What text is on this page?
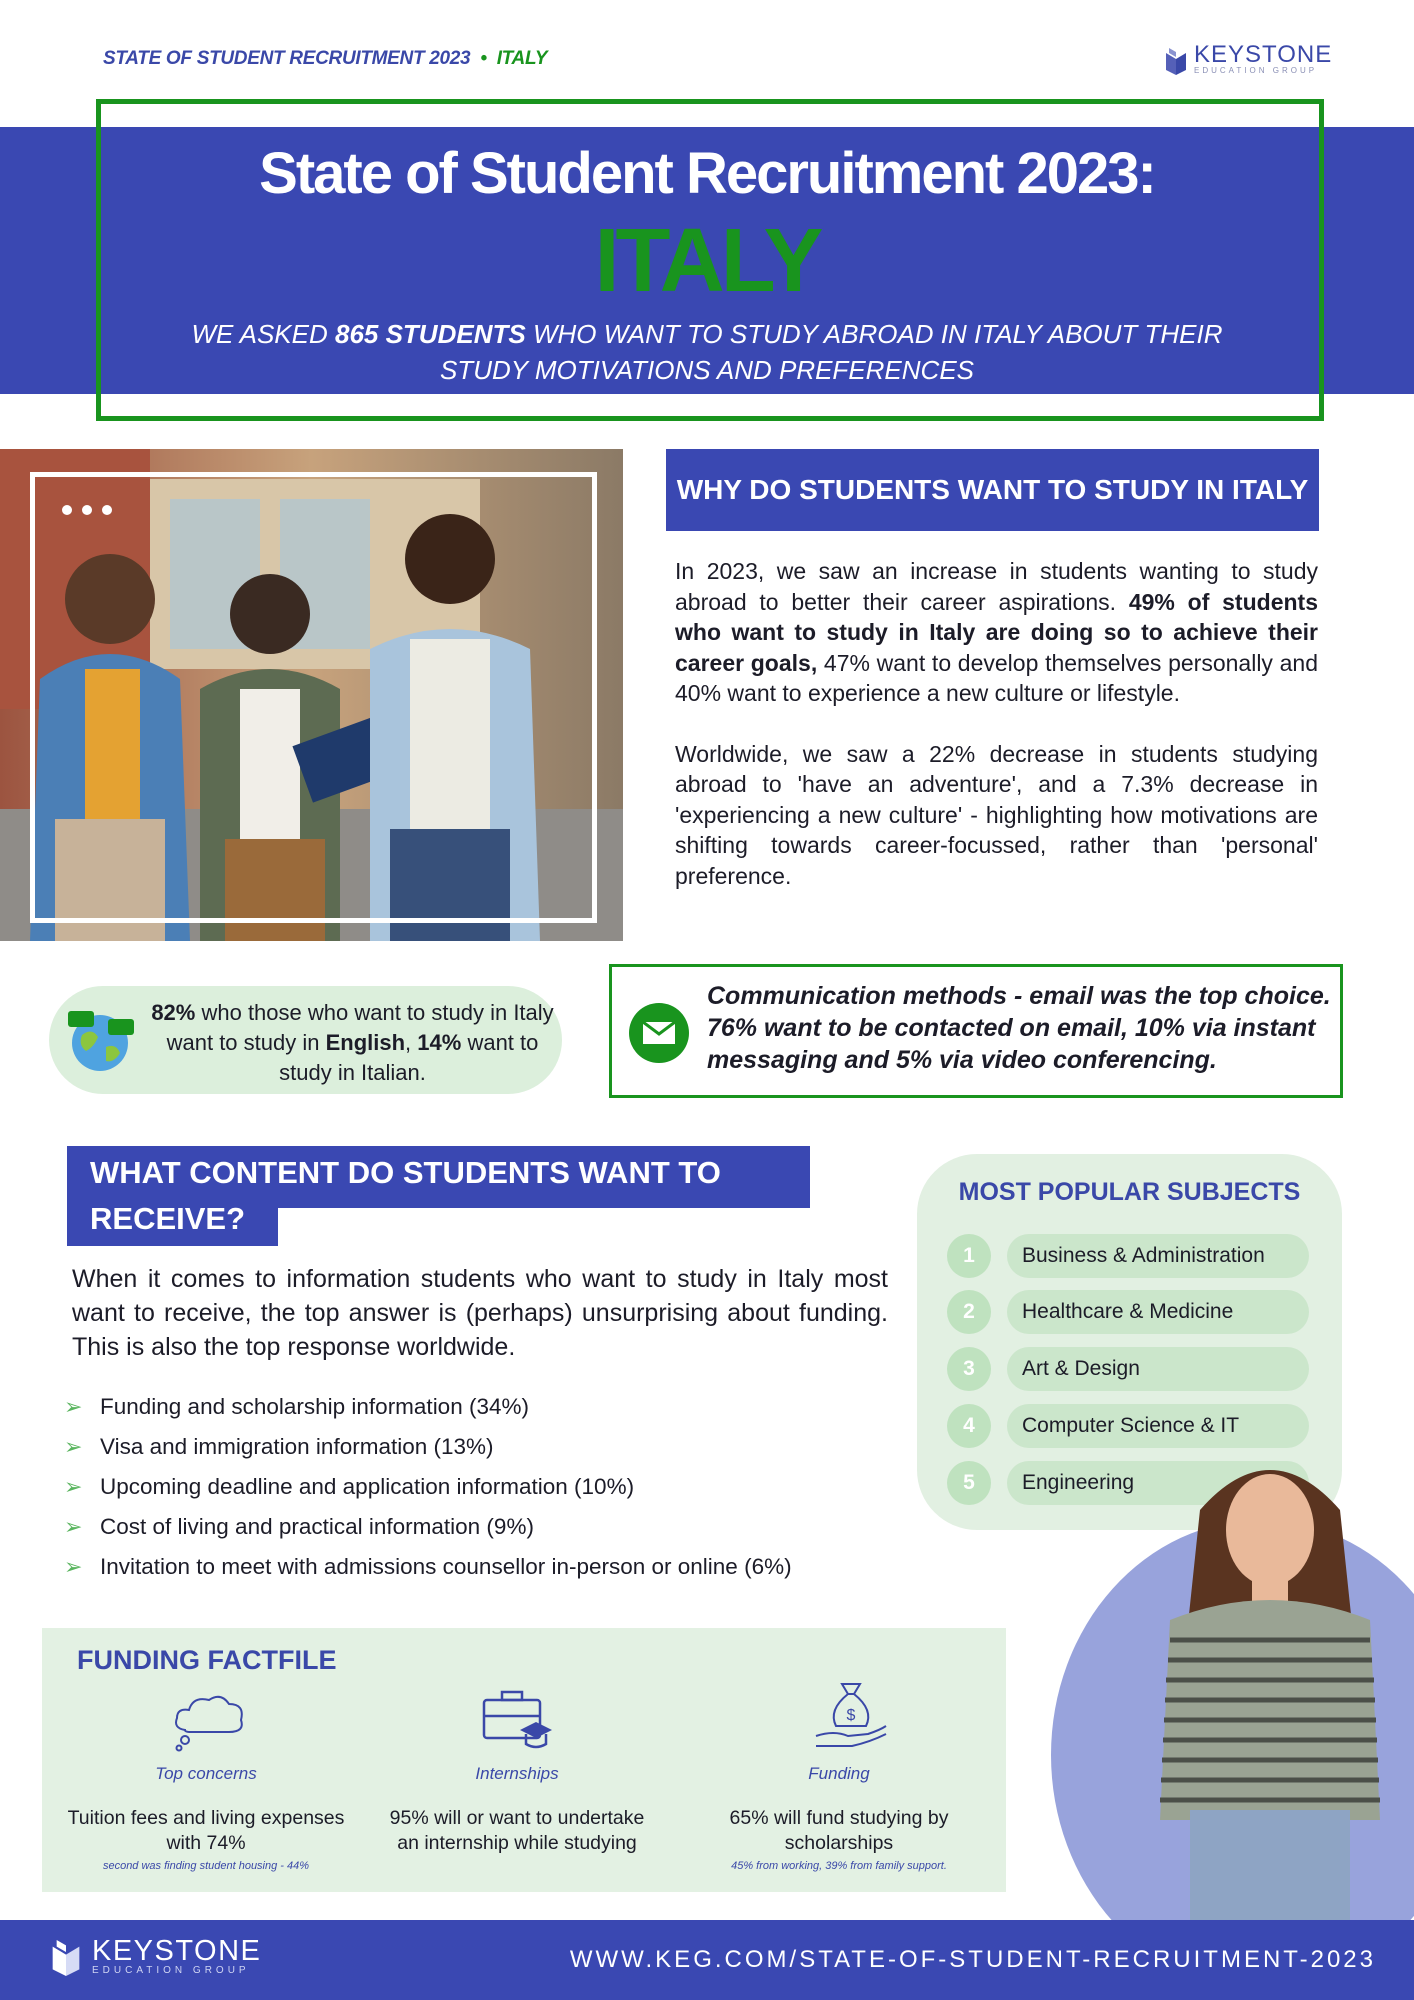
STATE OF STUDENT RECRUITMENT 2023 • ITALY	KEYSTONE
EDUCATION GROUP
State of Student Recruitment 2023:
ITALY
WE ASKED 865 STUDENTS WHO WANT TO STUDY ABROAD IN ITALY ABOUT THEIR STUDY MOTIVATIONS AND PREFERENCES
WHY DO STUDENTS WANT TO STUDY IN ITALY

In 2023, we saw an increase in students wanting to study abroad to better their career aspirations. 49% of students who want to study in Italy are doing so to achieve their career goals, 47% want to develop themselves personally and 40% want to experience a new culture or lifestyle.

Worldwide, we saw a 22% decrease in students studying abroad to 'have an adventure', and a 7.3% decrease in 'experiencing a new culture' - highlighting how motivations are shifting towards career-focussed, rather than 'personal' preference.

82% who those who want to study in Italy want to study in English, 14% want to study in Italian.
Communication methods - email was the top choice. 76% want to be contacted on email, 10% via instant messaging and 5% via video conferencing.
WHAT CONTENT DO STUDENTS WANT TO RECEIVE?
When it comes to information students who want to study in Italy most want to receive, the top answer is (perhaps) unsurprising about funding. This is also the top response worldwide.
➢ Funding and scholarship information (34%)
➢ Visa and immigration information (13%)
➢ Upcoming deadline and application information (10%)
➢ Cost of living and practical information (9%)
➢ Invitation to meet with admissions counsellor in-person or online (6%)
MOST POPULAR SUBJECTS
1	Business & Administration
2	Healthcare & Medicine
3	Art & Design
4	Computer Science & IT
5	Engineering
FUNDING FACTFILE
$
Top concerns
Tuition fees and living expenses with 74%
second was finding student housing - 44%
Internships
95% will or want to undertake an internship while studying
Funding
65% will fund studying by scholarships
45% from working, 39% from family support.
KEYSTONE
EDUCATION GROUP	WWW.KEG.COM/STATE-OF-STUDENT-RECRUITMENT-2023
